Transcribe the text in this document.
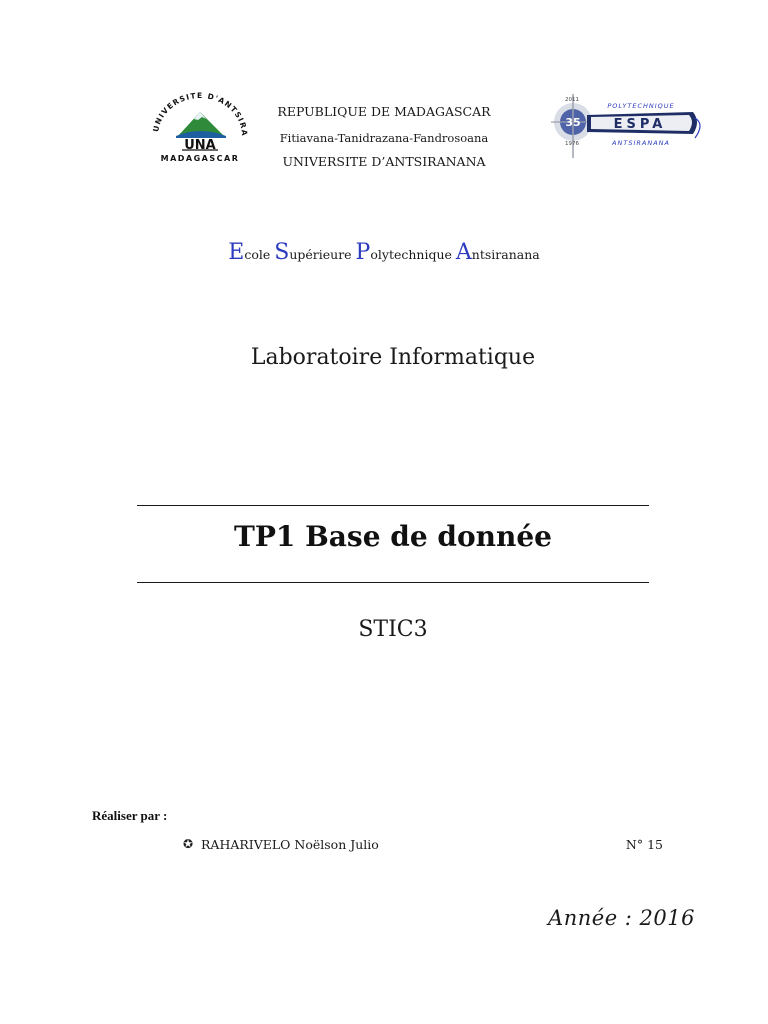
UNIVERSITE D'ANTSIRA
UNA
MADAGASCAR
REPUBLIQUE DE MADAGASCAR
Fitiavana-Tanidrazana-Fandrosoana
UNIVERSITE D’ANTSIRANANA
35
2011
1976
ESPA
POLYTECHNIQUE
ANTSIRANANA
Ecole Supérieure Polytechnique Antsiranana
Laboratoire Informatique
TP1 Base de donnée
STIC3
Réaliser par :
✪ RAHARIVELO Noëlson Julio	N° 15
Année : 2016
